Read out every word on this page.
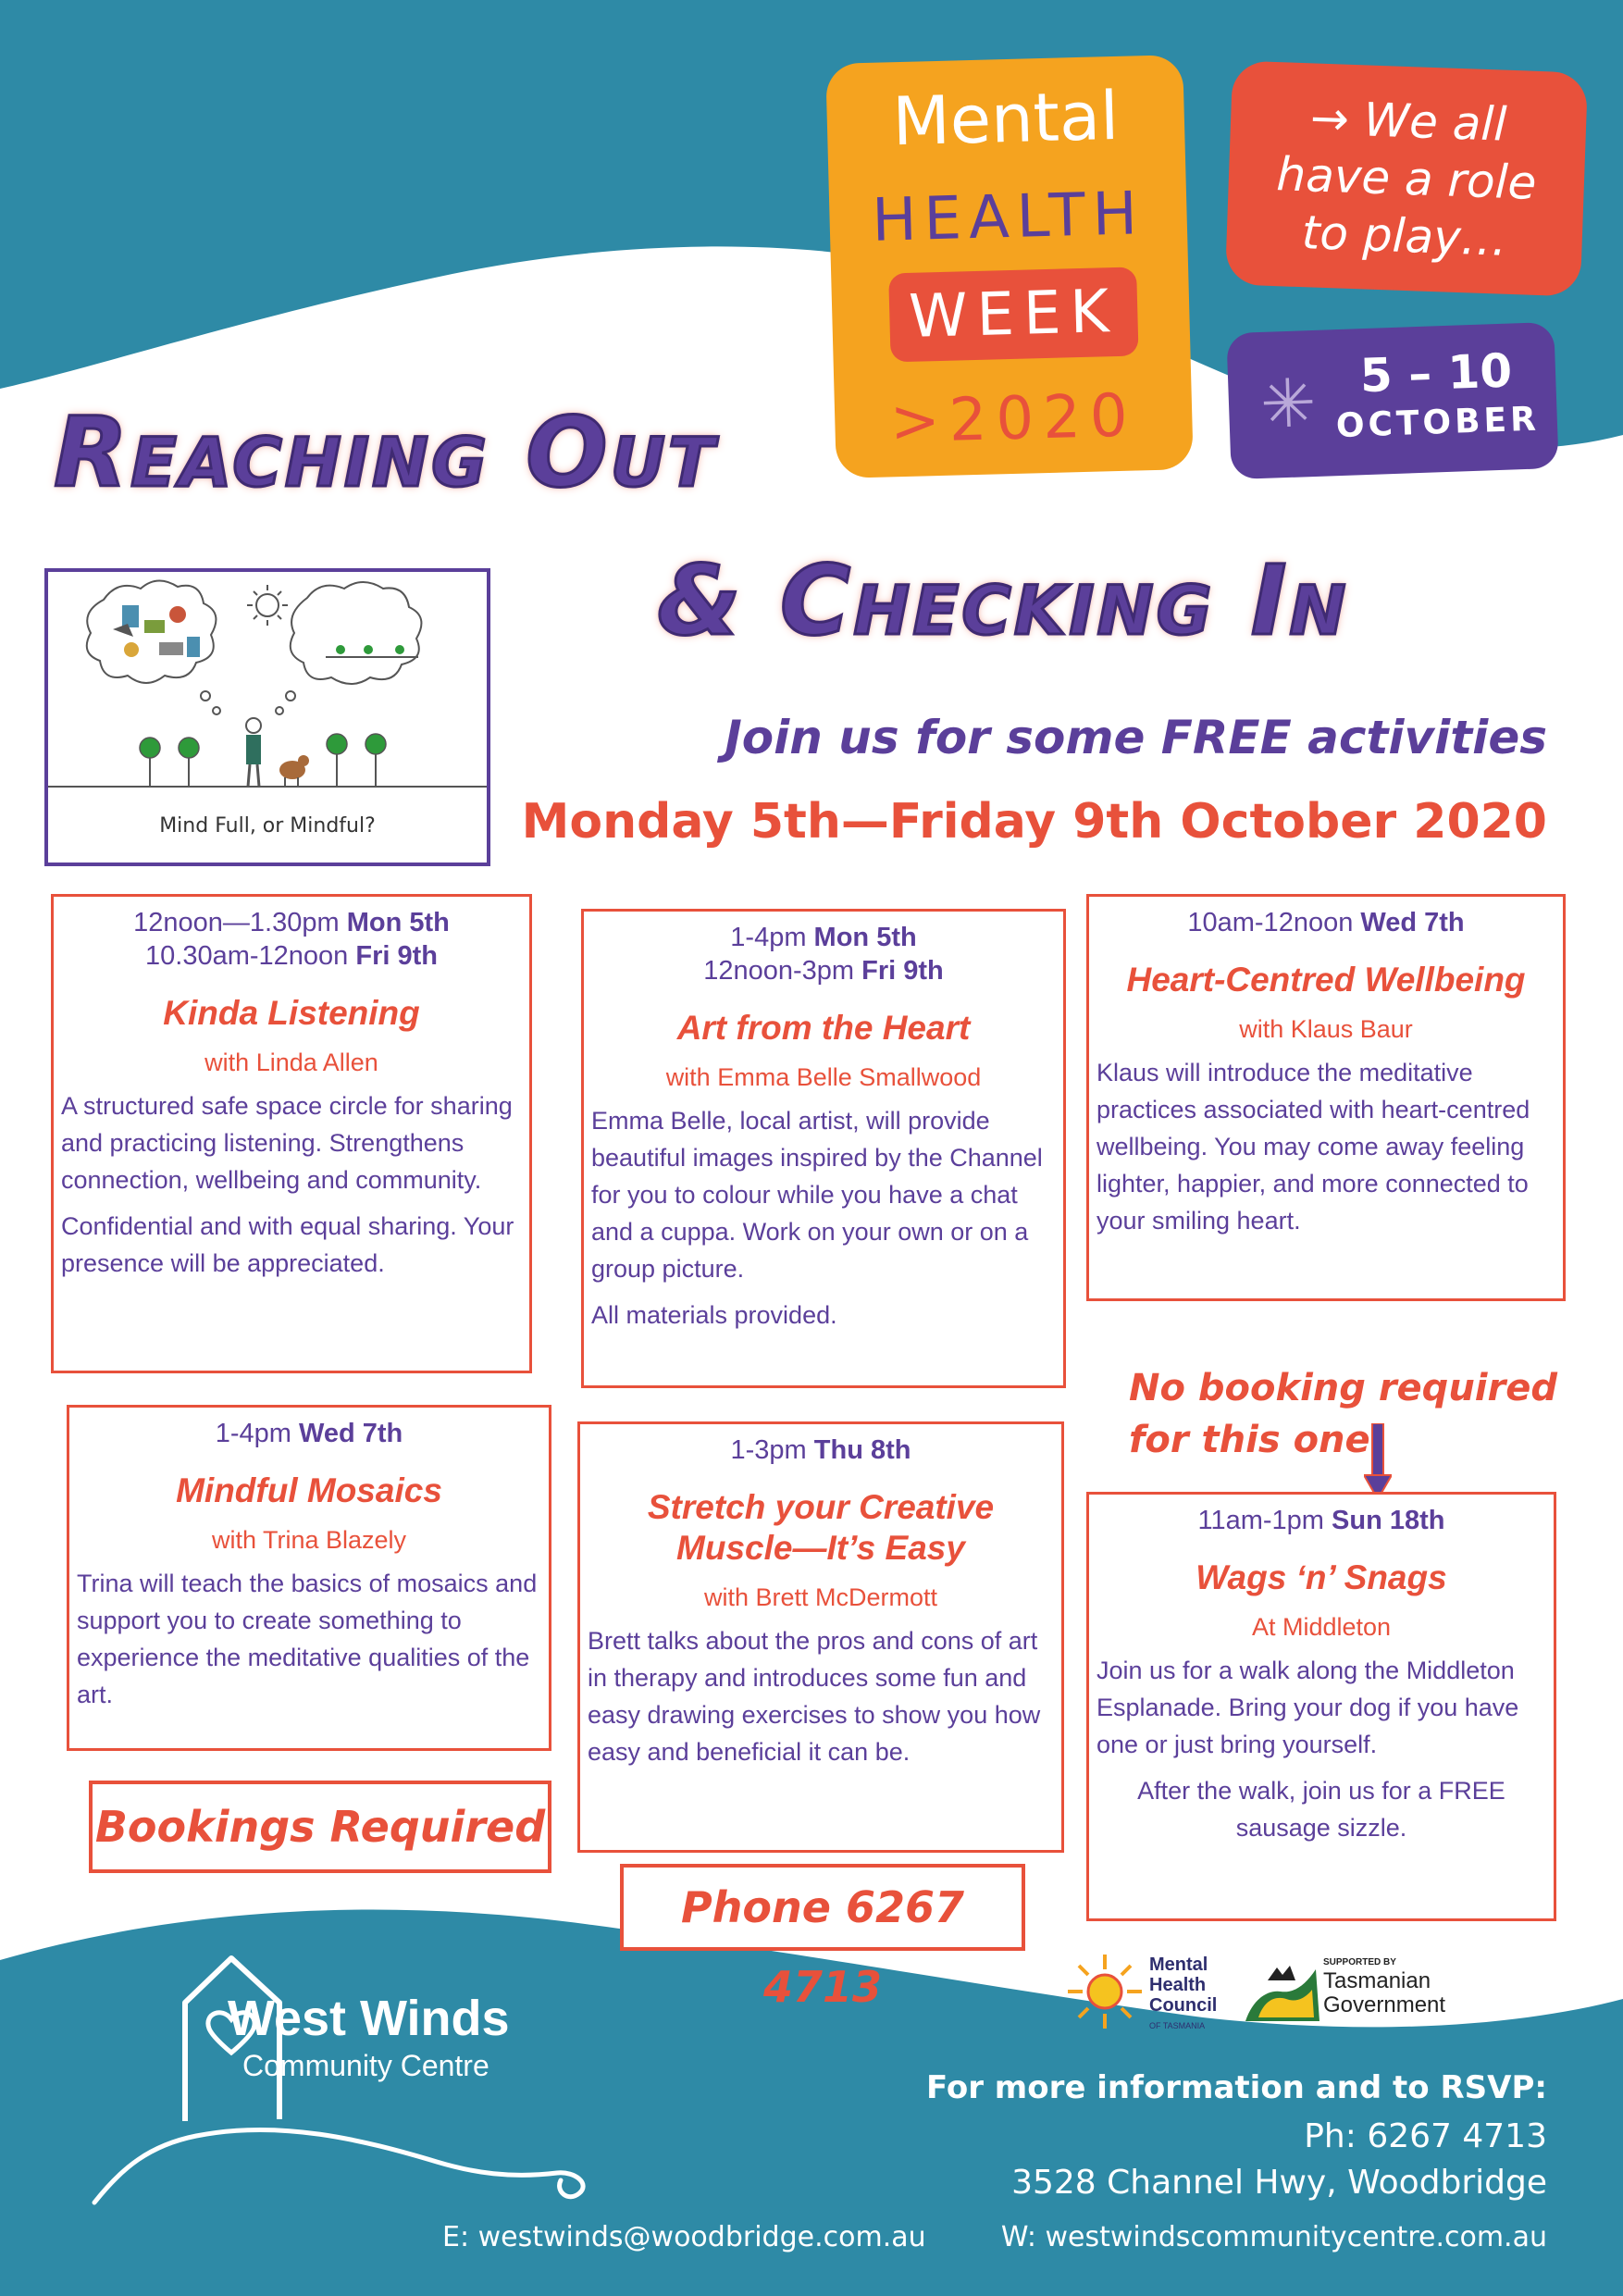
Mental
HEALTH
WEEK
>2020
→ We all
have a role
to play…
✳ 5 – 10
OCTOBER
Reaching Out
& Checking In
Mind Full, or Mindful?
Join us for some FREE activities
Monday 5th—Friday 9th October 2020
12noon—1.30pm Mon 5th
10.30am-12noon Fri 9th
Kinda Listening
with Linda Allen

A structured safe space circle for sharing and practicing listening. Strengthens connection, wellbeing and community.

Confidential and with equal sharing. Your presence will be appreciated.

1-4pm Mon 5th
12noon-3pm Fri 9th
Art from the Heart
with Emma Belle Smallwood

Emma Belle, local artist, will provide beautiful images inspired by the Channel for you to colour while you have a chat and a cuppa. Work on your own or on a group picture.

All materials provided.

10am-12noon Wed 7th
Heart-Centred Wellbeing
with Klaus Baur

Klaus will introduce the meditative practices associated with heart-centred wellbeing. You may come away feeling lighter, happier, and more connected to your smiling heart.

No booking required
for this one
1-4pm Wed 7th
Mindful Mosaics
with Trina Blazely

Trina will teach the basics of mosaics and support you to create something to experience the meditative qualities of the art.

1-3pm Thu 8th
Stretch your Creative Muscle—It’s Easy
with Brett McDermott

Brett talks about the pros and cons of art in therapy and introduces some fun and easy drawing exercises to show you how easy and beneficial it can be.

11am-1pm Sun 18th
Wags ‘n’ Snags
At Middleton

Join us for a walk along the Middleton Esplanade. Bring your dog if you have one or just bring yourself.

After the walk, join us for a FREE sausage sizzle.

Bookings Required
Phone 6267 4713
West Winds
Community Centre
Mental
Health
Council
OF TASMANIA
SUPPORTED BY
Tasmanian
Government
For more information and to RSVP:
Ph: 6267 4713
3528 Channel Hwy, Woodbridge
E: westwinds@woodbridge.com.au	W: westwindscommunitycentre.com.au
